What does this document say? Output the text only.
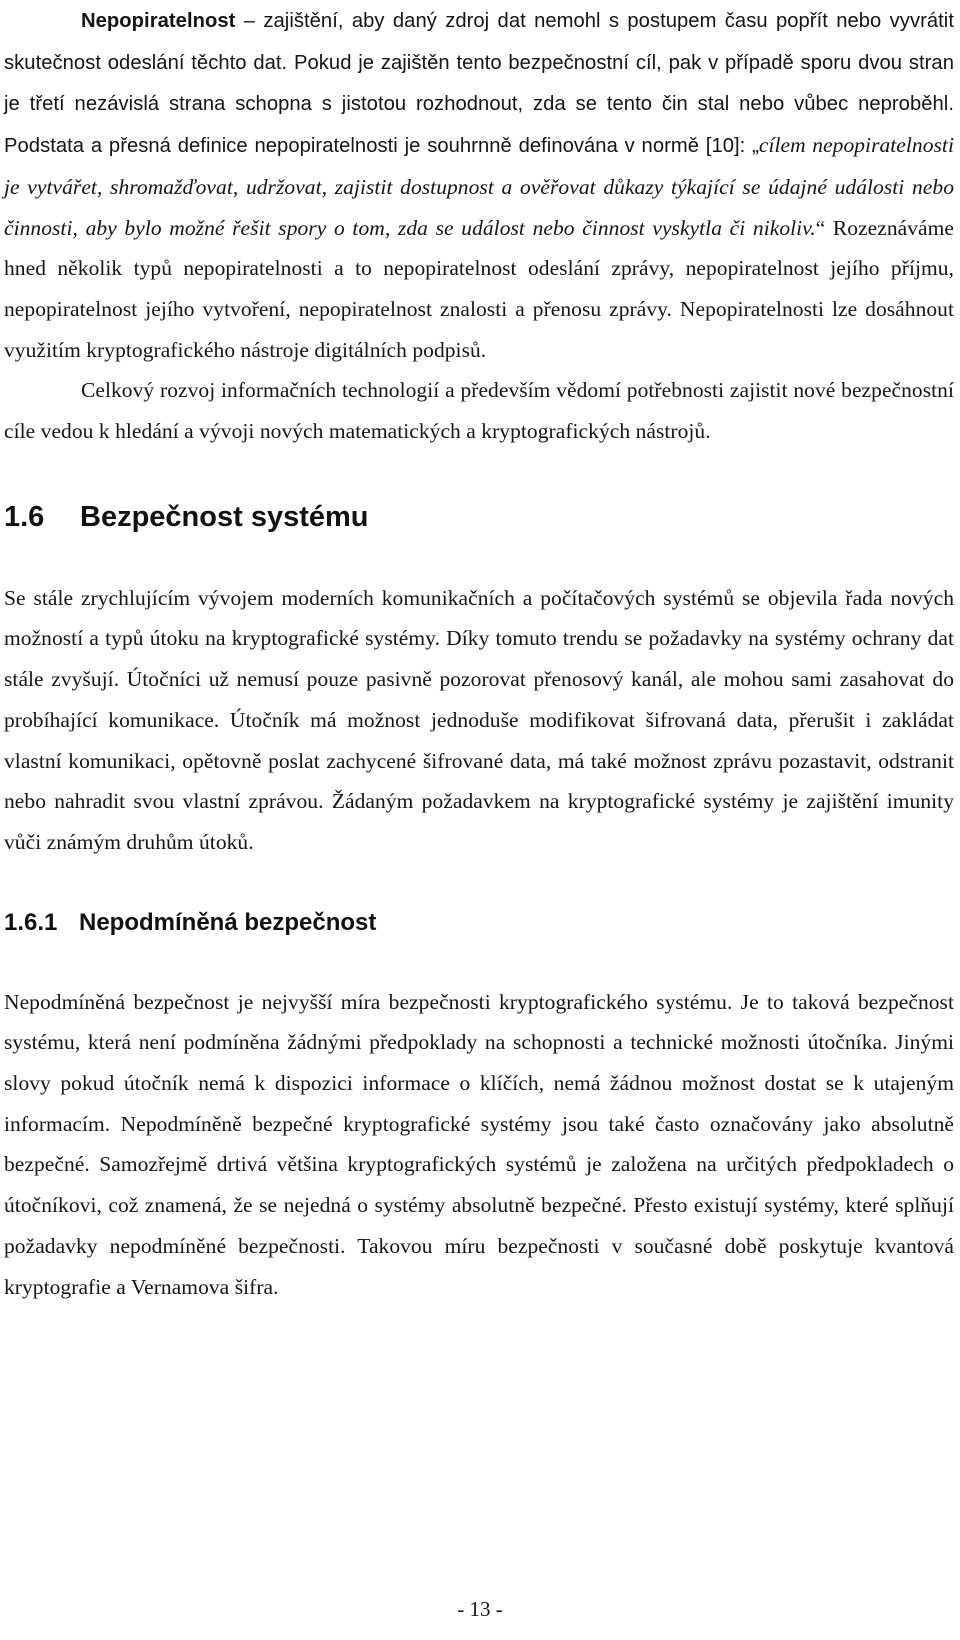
Nepopiratelnost – zajištění, aby daný zdroj dat nemohl s postupem času popřít nebo vyvrátit skutečnost odeslání těchto dat. Pokud je zajištěn tento bezpečnostní cíl, pak v případě sporu dvou stran je třetí nezávislá strana schopna s jistotou rozhodnout, zda se tento čin stal nebo vůbec neproběhl. Podstata a přesná definice nepopiratelnosti je souhrnně definována v normě [10]: „cílem nepopiratelnosti je vytvářet, shromažďovat, udržovat, zajistit dostupnost a ověřovat důkazy týkající se údajné události nebo činnosti, aby bylo možné řešit spory o tom, zda se událost nebo činnost vyskytla či nikoliv.“ Rozeznáváme hned několik typů nepopiratelnosti a to nepopiratelnost odeslání zprávy, nepopiratelnost jejího příjmu, nepopiratelnost jejího vytvoření, nepopiratelnost znalosti a přenosu zprávy. Nepopiratelnosti lze dosáhnout využitím kryptografického nástroje digitálních podpisů.

Celkový rozvoj informačních technologií a především vědomí potřebnosti zajistit nové bezpečnostní cíle vedou k hledání a vývoji nových matematických a kryptografických nástrojů.

1.6 Bezpečnost systému

Se stále zrychlujícím vývojem moderních komunikačních a počítačových systémů se objevila řada nových možností a typů útoku na kryptografické systémy. Díky tomuto trendu se požadavky na systémy ochrany dat stále zvyšují. Útočníci už nemusí pouze pasivně pozorovat přenosový kanál, ale mohou sami zasahovat do probíhající komunikace. Útočník má možnost jednoduše modifikovat šifrovaná data, přerušit i zakládat vlastní komunikaci, opětovně poslat zachycené šifrované data, má také možnost zprávu pozastavit, odstranit nebo nahradit svou vlastní zprávou. Žádaným požadavkem na kryptografické systémy je zajištění imunity vůči známým druhům útoků.

1.6.1 Nepodmíněná bezpečnost

Nepodmíněná bezpečnost je nejvyšší míra bezpečnosti kryptografického systému. Je to taková bezpečnost systému, která není podmíněna žádnými předpoklady na schopnosti a technické možnosti útočníka. Jinými slovy pokud útočník nemá k dispozici informace o klíčích, nemá žádnou možnost dostat se k utajeným informacím. Nepodmíněně bezpečné kryptografické systémy jsou také často označovány jako absolutně bezpečné. Samozřejmě drtivá většina kryptografických systémů je založena na určitých předpokladech o útočníkovi, což znamená, že se nejedná o systémy absolutně bezpečné. Přesto existují systémy, které splňují požadavky nepodmíněné bezpečnosti. Takovou míru bezpečnosti v současné době poskytuje kvantová kryptografie a Vernamova šifra.

- 13 -
